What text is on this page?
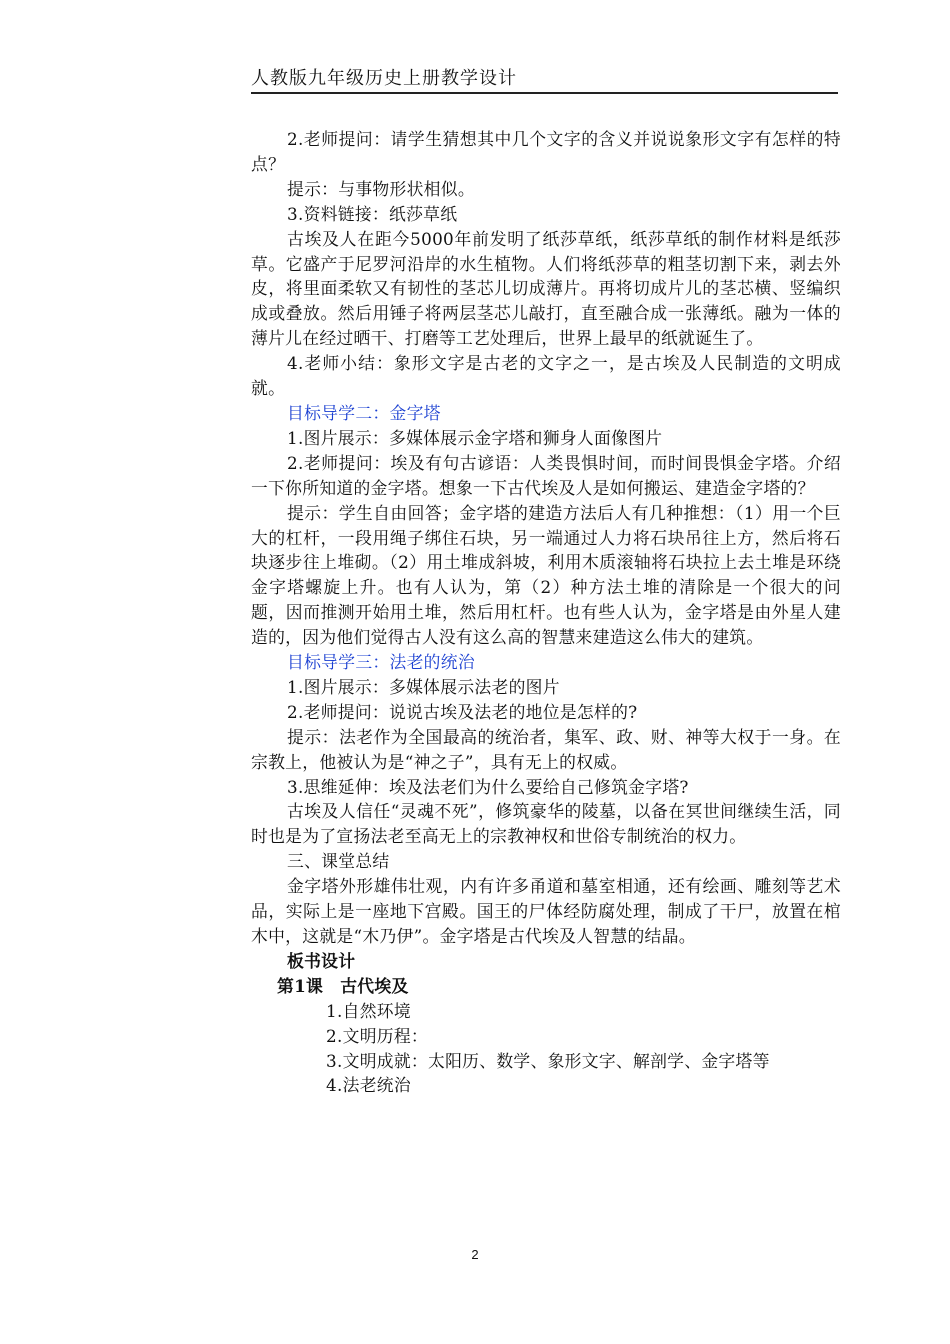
人教版九年级历史上册教学设计

2.老师提问：请学生猜想其中几个文字的含义并说说象形文字有怎样的特点？

提示：与事物形状相似。

3.资料链接：纸莎草纸

古埃及人在距今5000年前发明了纸莎草纸，纸莎草纸的制作材料是纸莎草。它盛产于尼罗河沿岸的水生植物。人们将纸莎草的粗茎切割下来，剥去外皮，将里面柔软又有韧性的茎芯儿切成薄片。再将切成片儿的茎芯横、竖编织成或叠放。然后用锤子将两层茎芯儿敲打，直至融合成一张薄纸。融为一体的薄片儿在经过晒干、打磨等工艺处理后，世界上最早的纸就诞生了。

4.老师小结：象形文字是古老的文字之一，是古埃及人民制造的文明成就。

目标导学二：金字塔

1.图片展示：多媒体展示金字塔和狮身人面像图片

2.老师提问：埃及有句古谚语：人类畏惧时间，而时间畏惧金字塔。介绍一下你所知道的金字塔。想象一下古代埃及人是如何搬运、建造金字塔的？

提示：学生自由回答；金字塔的建造方法后人有几种推想：（1）用一个巨大的杠杆，一段用绳子绑住石块，另一端通过人力将石块吊往上方，然后将石块逐步往上堆砌。（2）用土堆成斜坡，利用木质滚轴将石块拉上去土堆是环绕金字塔螺旋上升。也有人认为，第（2）种方法土堆的清除是一个很大的问题，因而推测开始用土堆，然后用杠杆。也有些人认为，金字塔是由外星人建造的，因为他们觉得古人没有这么高的智慧来建造这么伟大的建筑。

目标导学三：法老的统治

1.图片展示：多媒体展示法老的图片

2.老师提问：说说古埃及法老的地位是怎样的?

提示：法老作为全国最高的统治者，集军、政、财、神等大权于一身。在宗教上，他被认为是“神之子”，具有无上的权威。

3.思维延伸：埃及法老们为什么要给自己修筑金字塔?

古埃及人信任“灵魂不死”，修筑豪华的陵墓，以备在冥世间继续生活，同时也是为了宣扬法老至高无上的宗教神权和世俗专制统治的权力。

三、课堂总结

金字塔外形雄伟壮观，内有许多甬道和墓室相通，还有绘画、雕刻等艺术品，实际上是一座地下宫殿。国王的尸体经防腐处理，制成了干尸，放置在棺木中，这就是“木乃伊”。金字塔是古代埃及人智慧的结晶。

板书设计

第1课　古代埃及

1.自然环境

2.文明历程：

3.文明成就：太阳历、数学、象形文字、解剖学、金字塔等

4.法老统治

2
